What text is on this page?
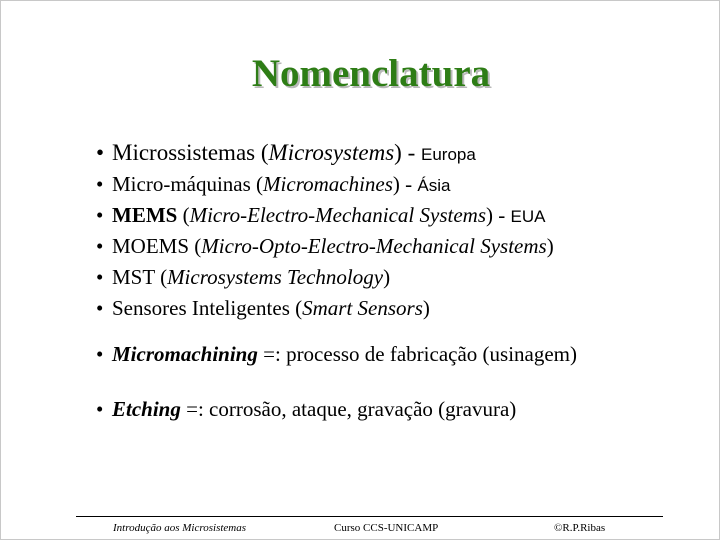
Nomenclatura
• Microssistemas (Microsystems) - Europa
• Micro-máquinas (Micromachines) - Ásia
• MEMS (Micro-Electro-Mechanical Systems) - EUA
• MOEMS (Micro-Opto-Electro-Mechanical Systems)
• MST (Microsystems Technology)
• Sensores Inteligentes (Smart Sensors)
• Micromachining =: processo de fabricação (usinagem)
• Etching =: corrosão, ataque, gravação (gravura)
Introdução aos Microsistemas	Curso CCS-UNICAMP	©R.P.Ribas
